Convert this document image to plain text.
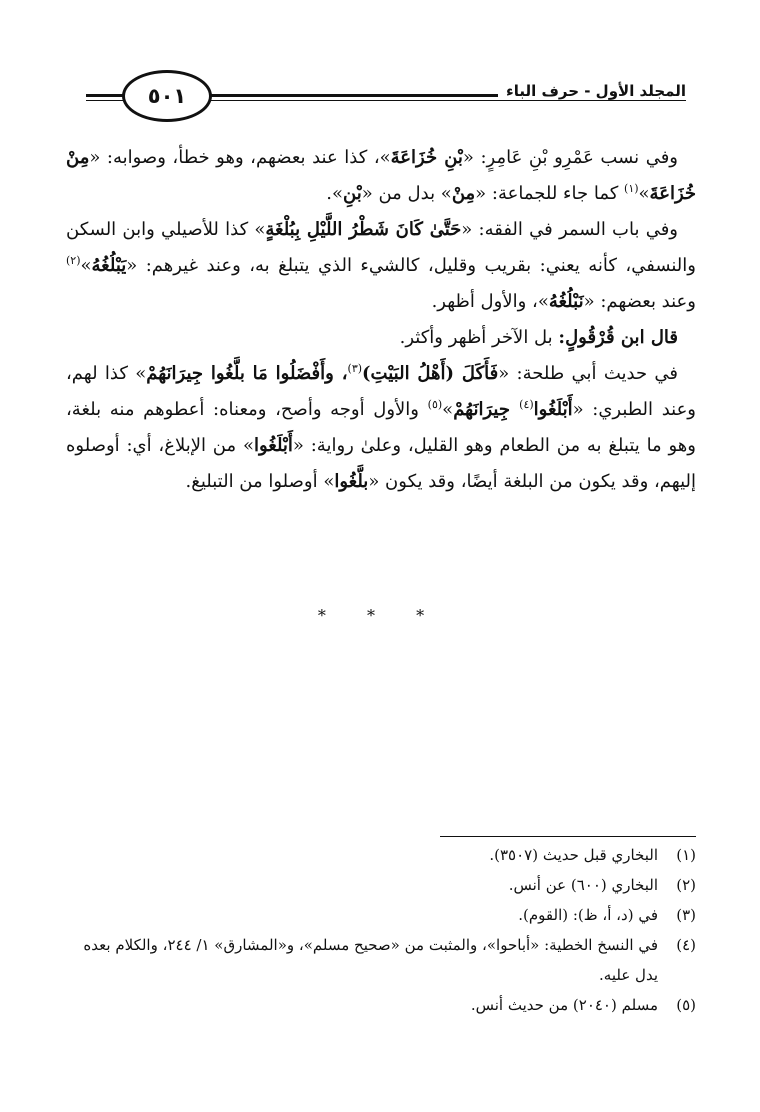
المجلد الأول - حرف الباء
٥٠١

وفي نسب عَمْرِو بْنِ عَامِرٍ: «بْنِ خُزَاعَةَ»، كذا عند بعضهم، وهو خطأ، وصوابه: «مِنْ خُزَاعَةَ»$^{(١)}$ كما جاء للجماعة: «مِنْ» بدل من «بْنِ».

وفي باب السمر في الفقه: «حَتَّىٰ كَانَ شَطْرُ اللَّيْلِ بِبُلْغَةٍ» كذا للأصيلي وابن السكن والنسفي، كأنه يعني: بقريب وقليل، كالشيء الذي يتبلغ به، وعند غيرهم: «يَبْلُغُهُ»$^{(٢)}$ وعند بعضهم: «نَبْلُغُهُ»، والأول أظهر.

قال ابن قُرْقُولٍ: بل الآخر أظهر وأكثر.

في حديث أبي طلحة: «فَأَكَلَ (أَهْلُ البَيْتِ)$^{(٣)}$، وأَفْضَلُوا مَا بلَّغُوا جِيرَانَهُمْ» كذا لهم، وعند الطبري: «أَبْلَغُوا$^{(٤)}$ جِيرَانَهُمْ»$^{(٥)}$ والأول أوجه وأصح، ومعناه: أعطوهم منه بلغة، وهو ما يتبلغ به من الطعام وهو القليل، وعلىٰ رواية: «أَبْلَغُوا» من الإبلاغ، أي: أوصلوه إليهم، وقد يكون من البلغة أيضًا، وقد يكون «بلَّغُوا» أوصلوا من التبليغ.

* * *

(١)
البخاري قبل حديث (٣٥٠٧).

(٢)
البخاري (٦٠٠) عن أنس.

(٣)
في (د، أ، ظ): (القوم).

(٤)
في النسخ الخطية: «أباحوا»، والمثبت من «صحيح مسلم»، و«المشارق» ١/ ٢٤٤، والكلام بعده يدل عليه.

(٥)
مسلم (٢٠٤٠) من حديث أنس.
